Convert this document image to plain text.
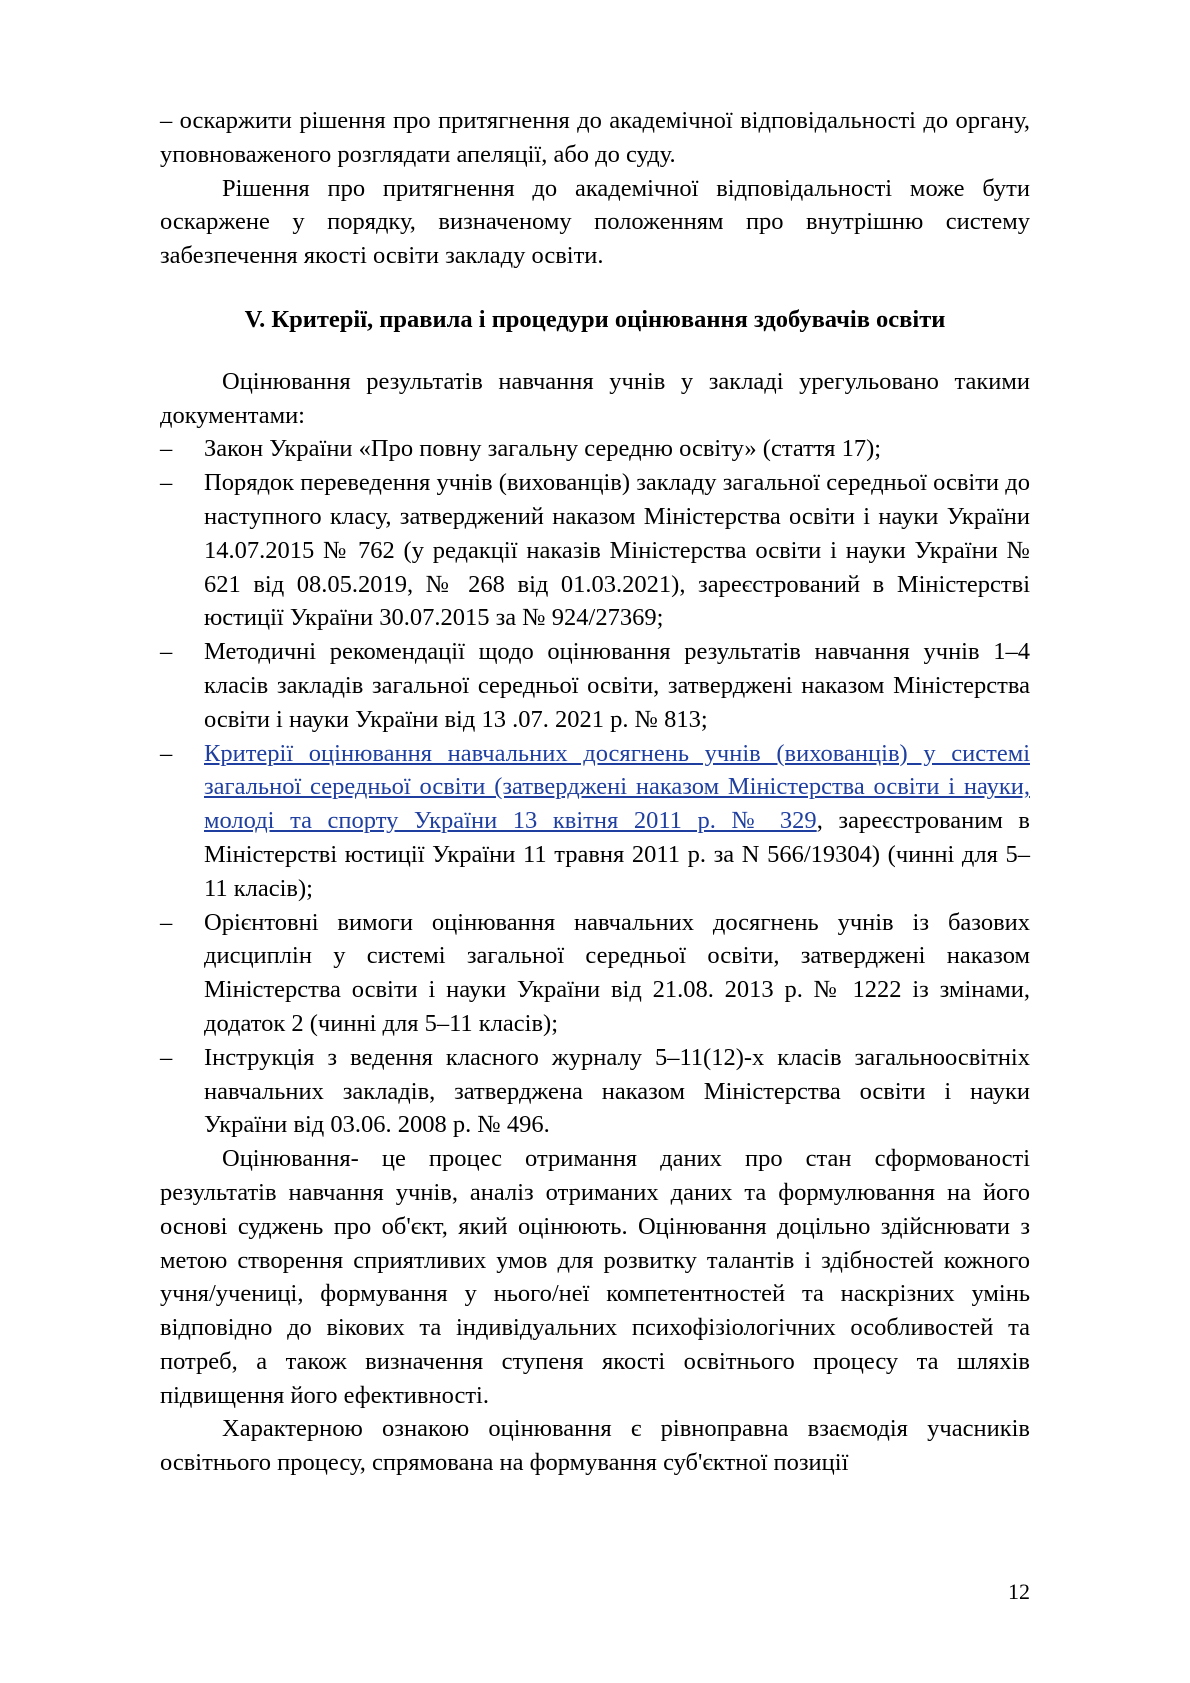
– оскаржити рішення про притягнення до академічної відповідальності до органу, уповноваженого розглядати апеляції, або до суду.

Рішення про притягнення до академічної відповідальності може бути оскаржене у порядку, визначеному положенням про внутрішню систему забезпечення якості освіти закладу освіти.

V. Критерії, правила і процедури оцінювання здобувачів освіти

Оцінювання результатів навчання учнів у закладі урегульовано такими документами:

– Закон України «Про повну загальну середню освіту» (стаття 17);
– Порядок переведення учнів (вихованців) закладу загальної середньої освіти до наступного класу, затверджений наказом Міністерства освіти і науки України 14.07.2015 № 762 (у редакції наказів Міністерства освіти і науки України № 621 від 08.05.2019, № 268 від 01.03.2021), зареєстрований в Міністерстві юстиції України 30.07.2015 за № 924/27369;
– Методичні рекомендації щодо оцінювання результатів навчання учнів 1–4 класів закладів загальної середньої освіти, затверджені наказом Міністерства освіти і науки України від 13 .07. 2021 р. № 813;
– Критерії оцінювання навчальних досягнень учнів (вихованців) у системі загальної середньої освіти (затверджені наказом Міністерства освіти і науки, молоді та спорту України 13 квітня 2011 р. № 329, зареєстрованим в Міністерстві юстиції України 11 травня 2011 р. за N 566/19304) (чинні для 5–11 класів);
– Орієнтовні вимоги оцінювання навчальних досягнень учнів із базових дисциплін у системі загальної середньої освіти, затверджені наказом Міністерства освіти і науки України від 21.08. 2013 р. № 1222 із змінами, додаток 2 (чинні для 5–11 класів);
– Інструкція з ведення класного журналу 5–11(12)-х класів загальноосвітніх навчальних закладів, затверджена наказом Міністерства освіти і науки України від 03.06. 2008 р. № 496.

Оцінювання- це процес отримання даних про стан сформованості результатів навчання учнів, аналіз отриманих даних та формулювання на його основі суджень про об'єкт, який оцінюють. Оцінювання доцільно здійснювати з метою створення сприятливих умов для розвитку талантів і здібностей кожного учня/учениці, формування у нього/неї компетентностей та наскрізних умінь відповідно до вікових та індивідуальних психофізіологічних особливостей та потреб, а також визначення ступеня якості освітнього процесу та шляхів підвищення його ефективності.

Характерною ознакою оцінювання є рівноправна взаємодія учасників освітнього процесу, спрямована на формування суб'єктної позиції

12
